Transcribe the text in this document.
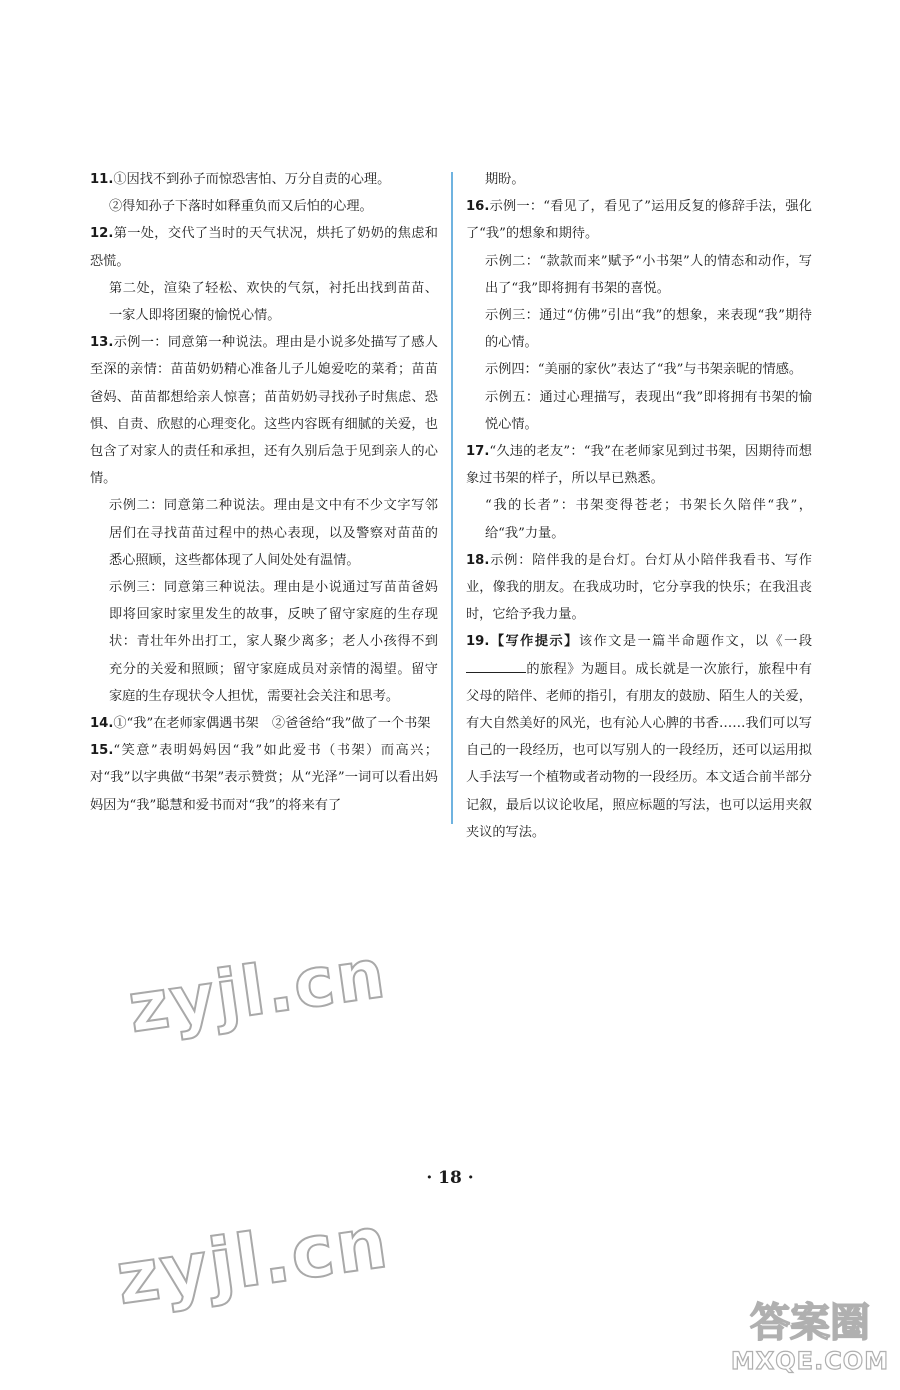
11.①因找不到孙子而惊恐害怕、万分自责的心理。

②得知孙子下落时如释重负而又后怕的心理。

12.第一处，交代了当时的天气状况，烘托了奶奶的焦虑和恐慌。

第二处，渲染了轻松、欢快的气氛，衬托出找到苗苗、一家人即将团聚的愉悦心情。

13.示例一：同意第一种说法。理由是小说多处描写了感人至深的亲情：苗苗奶奶精心准备儿子儿媳爱吃的菜肴；苗苗爸妈、苗苗都想给亲人惊喜；苗苗奶奶寻找孙子时焦虑、恐惧、自责、欣慰的心理变化。这些内容既有细腻的关爱，也包含了对家人的责任和承担，还有久别后急于见到亲人的心情。

示例二：同意第二种说法。理由是文中有不少文字写邻居们在寻找苗苗过程中的热心表现，以及警察对苗苗的悉心照顾，这些都体现了人间处处有温情。

示例三：同意第三种说法。理由是小说通过写苗苗爸妈即将回家时家里发生的故事，反映了留守家庭的生存现状：青壮年外出打工，家人聚少离多；老人小孩得不到充分的关爱和照顾；留守家庭成员对亲情的渴望。留守家庭的生存现状令人担忧，需要社会关注和思考。

14.①“我”在老师家偶遇书架　②爸爸给“我”做了一个书架

15.“笑意”表明妈妈因“我”如此爱书（书架）而高兴；对“我”以字典做“书架”表示赞赏；从“光泽”一词可以看出妈妈因为“我”聪慧和爱书而对“我”的将来有了

期盼。

16.示例一：“看见了，看见了”运用反复的修辞手法，强化了“我”的想象和期待。

示例二：“款款而来”赋予“小书架”人的情态和动作，写出了“我”即将拥有书架的喜悦。

示例三：通过“仿佛”引出“我”的想象，来表现“我”期待的心情。

示例四：“美丽的家伙”表达了“我”与书架亲昵的情感。

示例五：通过心理描写，表现出“我”即将拥有书架的愉悦心情。

17.“久违的老友”：“我”在老师家见到过书架，因期待而想象过书架的样子，所以早已熟悉。

“我的长者”：书架变得苍老；书架长久陪伴“我”，给“我”力量。

18.示例：陪伴我的是台灯。台灯从小陪伴我看书、写作业，像我的朋友。在我成功时，它分享我的快乐；在我沮丧时，它给予我力量。

19.【写作提示】该作文是一篇半命题作文，以《一段的旅程》为题目。成长就是一次旅行，旅程中有父母的陪伴、老师的指引，有朋友的鼓励、陌生人的关爱，有大自然美好的风光，也有沁人心脾的书香……我们可以写自己的一段经历，也可以写别人的一段经历，还可以运用拟人手法写一个植物或者动物的一段经历。本文适合前半部分记叙，最后以议论收尾，照应标题的写法，也可以运用夹叙夹议的写法。

· 18 ·
zyjl.cn
zyjl.cn
答案圈
MXQE.COM
